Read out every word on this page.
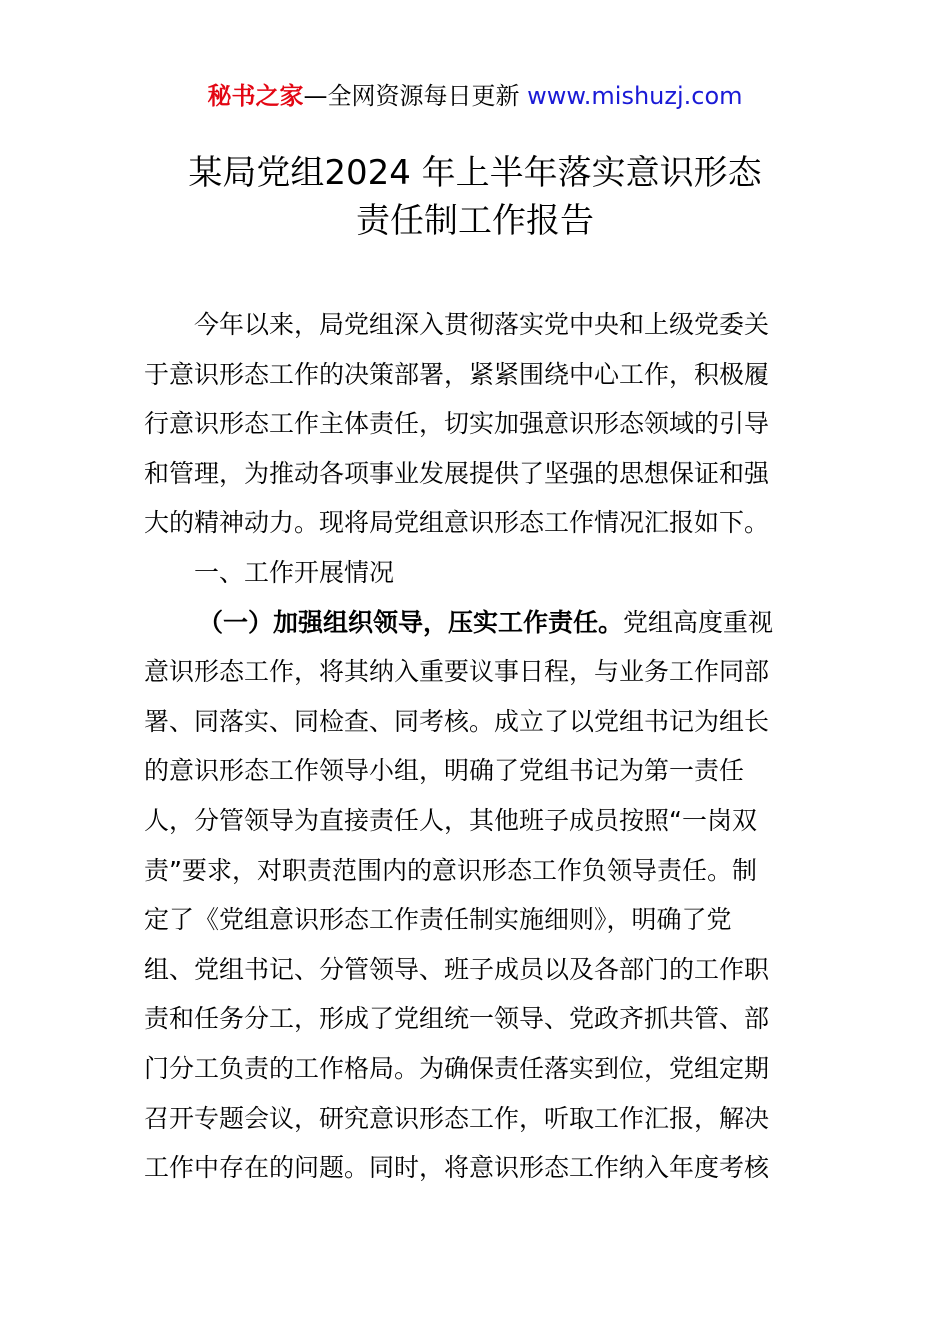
秘书之家—全网资源每日更新 www.mishuzj.com
某局党组2024 年上半年落实意识形态
责任制工作报告
今年以来，局党组深入贯彻落实党中央和上级党委关
于意识形态工作的决策部署，紧紧围绕中心工作，积极履
行意识形态工作主体责任，切实加强意识形态领域的引导
和管理，为推动各项事业发展提供了坚强的思想保证和强
大的精神动力。现将局党组意识形态工作情况汇报如下。
一、工作开展情况
（一）加强组织领导，压实工作责任。党组高度重视
意识形态工作，将其纳入重要议事日程，与业务工作同部
署、同落实、同检查、同考核。成立了以党组书记为组长
的意识形态工作领导小组，明确了党组书记为第一责任
人，分管领导为直接责任人，其他班子成员按照“一岗双
责”要求，对职责范围内的意识形态工作负领导责任。制
定了《党组意识形态工作责任制实施细则》，明确了党
组、党组书记、分管领导、班子成员以及各部门的工作职
责和任务分工，形成了党组统一领导、党政齐抓共管、部
门分工负责的工作格局。为确保责任落实到位，党组定期
召开专题会议，研究意识形态工作，听取工作汇报，解决
工作中存在的问题。同时，将意识形态工作纳入年度考核
